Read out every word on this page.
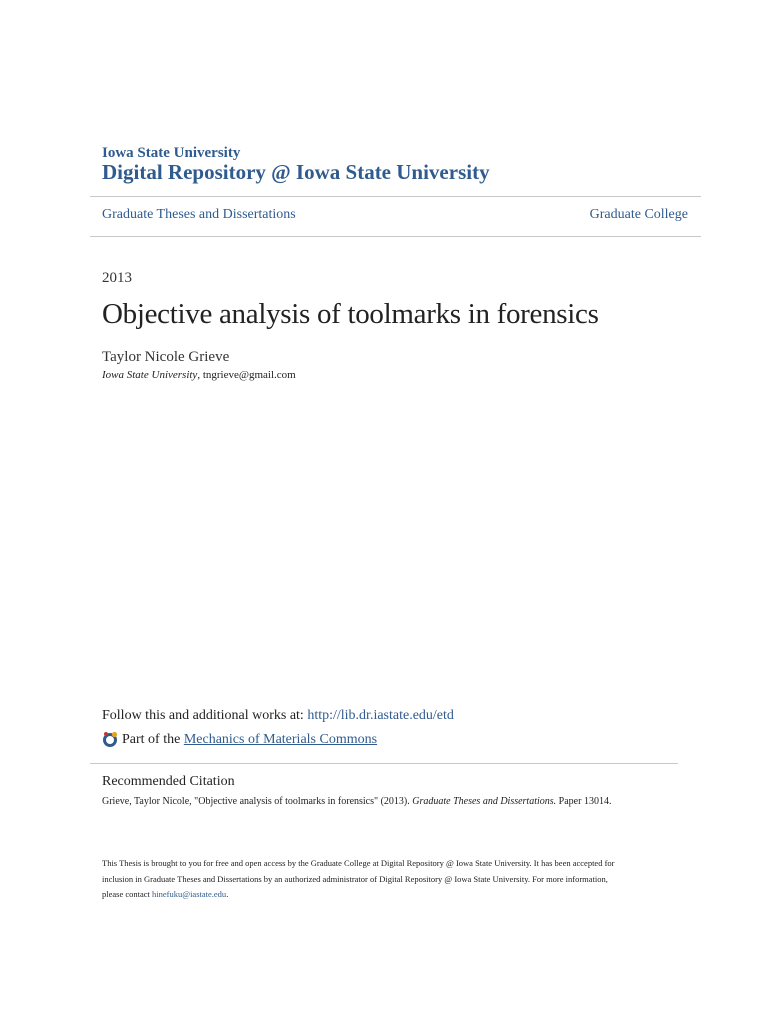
Iowa State University
Digital Repository @ Iowa State University
Graduate Theses and Dissertations	Graduate College
2013
Objective analysis of toolmarks in forensics
Taylor Nicole Grieve
Iowa State University, tngrieve@gmail.com
Follow this and additional works at: http://lib.dr.iastate.edu/etd
Part of the
Mechanics of Materials Commons
Recommended Citation
Grieve, Taylor Nicole, "Objective analysis of toolmarks in forensics" (2013). Graduate Theses and Dissertations. Paper 13014.
This Thesis is brought to you for free and open access by the Graduate College at Digital Repository @ Iowa State University. It has been accepted for
inclusion in Graduate Theses and Dissertations by an authorized administrator of Digital Repository @ Iowa State University. For more information,
please contact hinefuku@iastate.edu.
